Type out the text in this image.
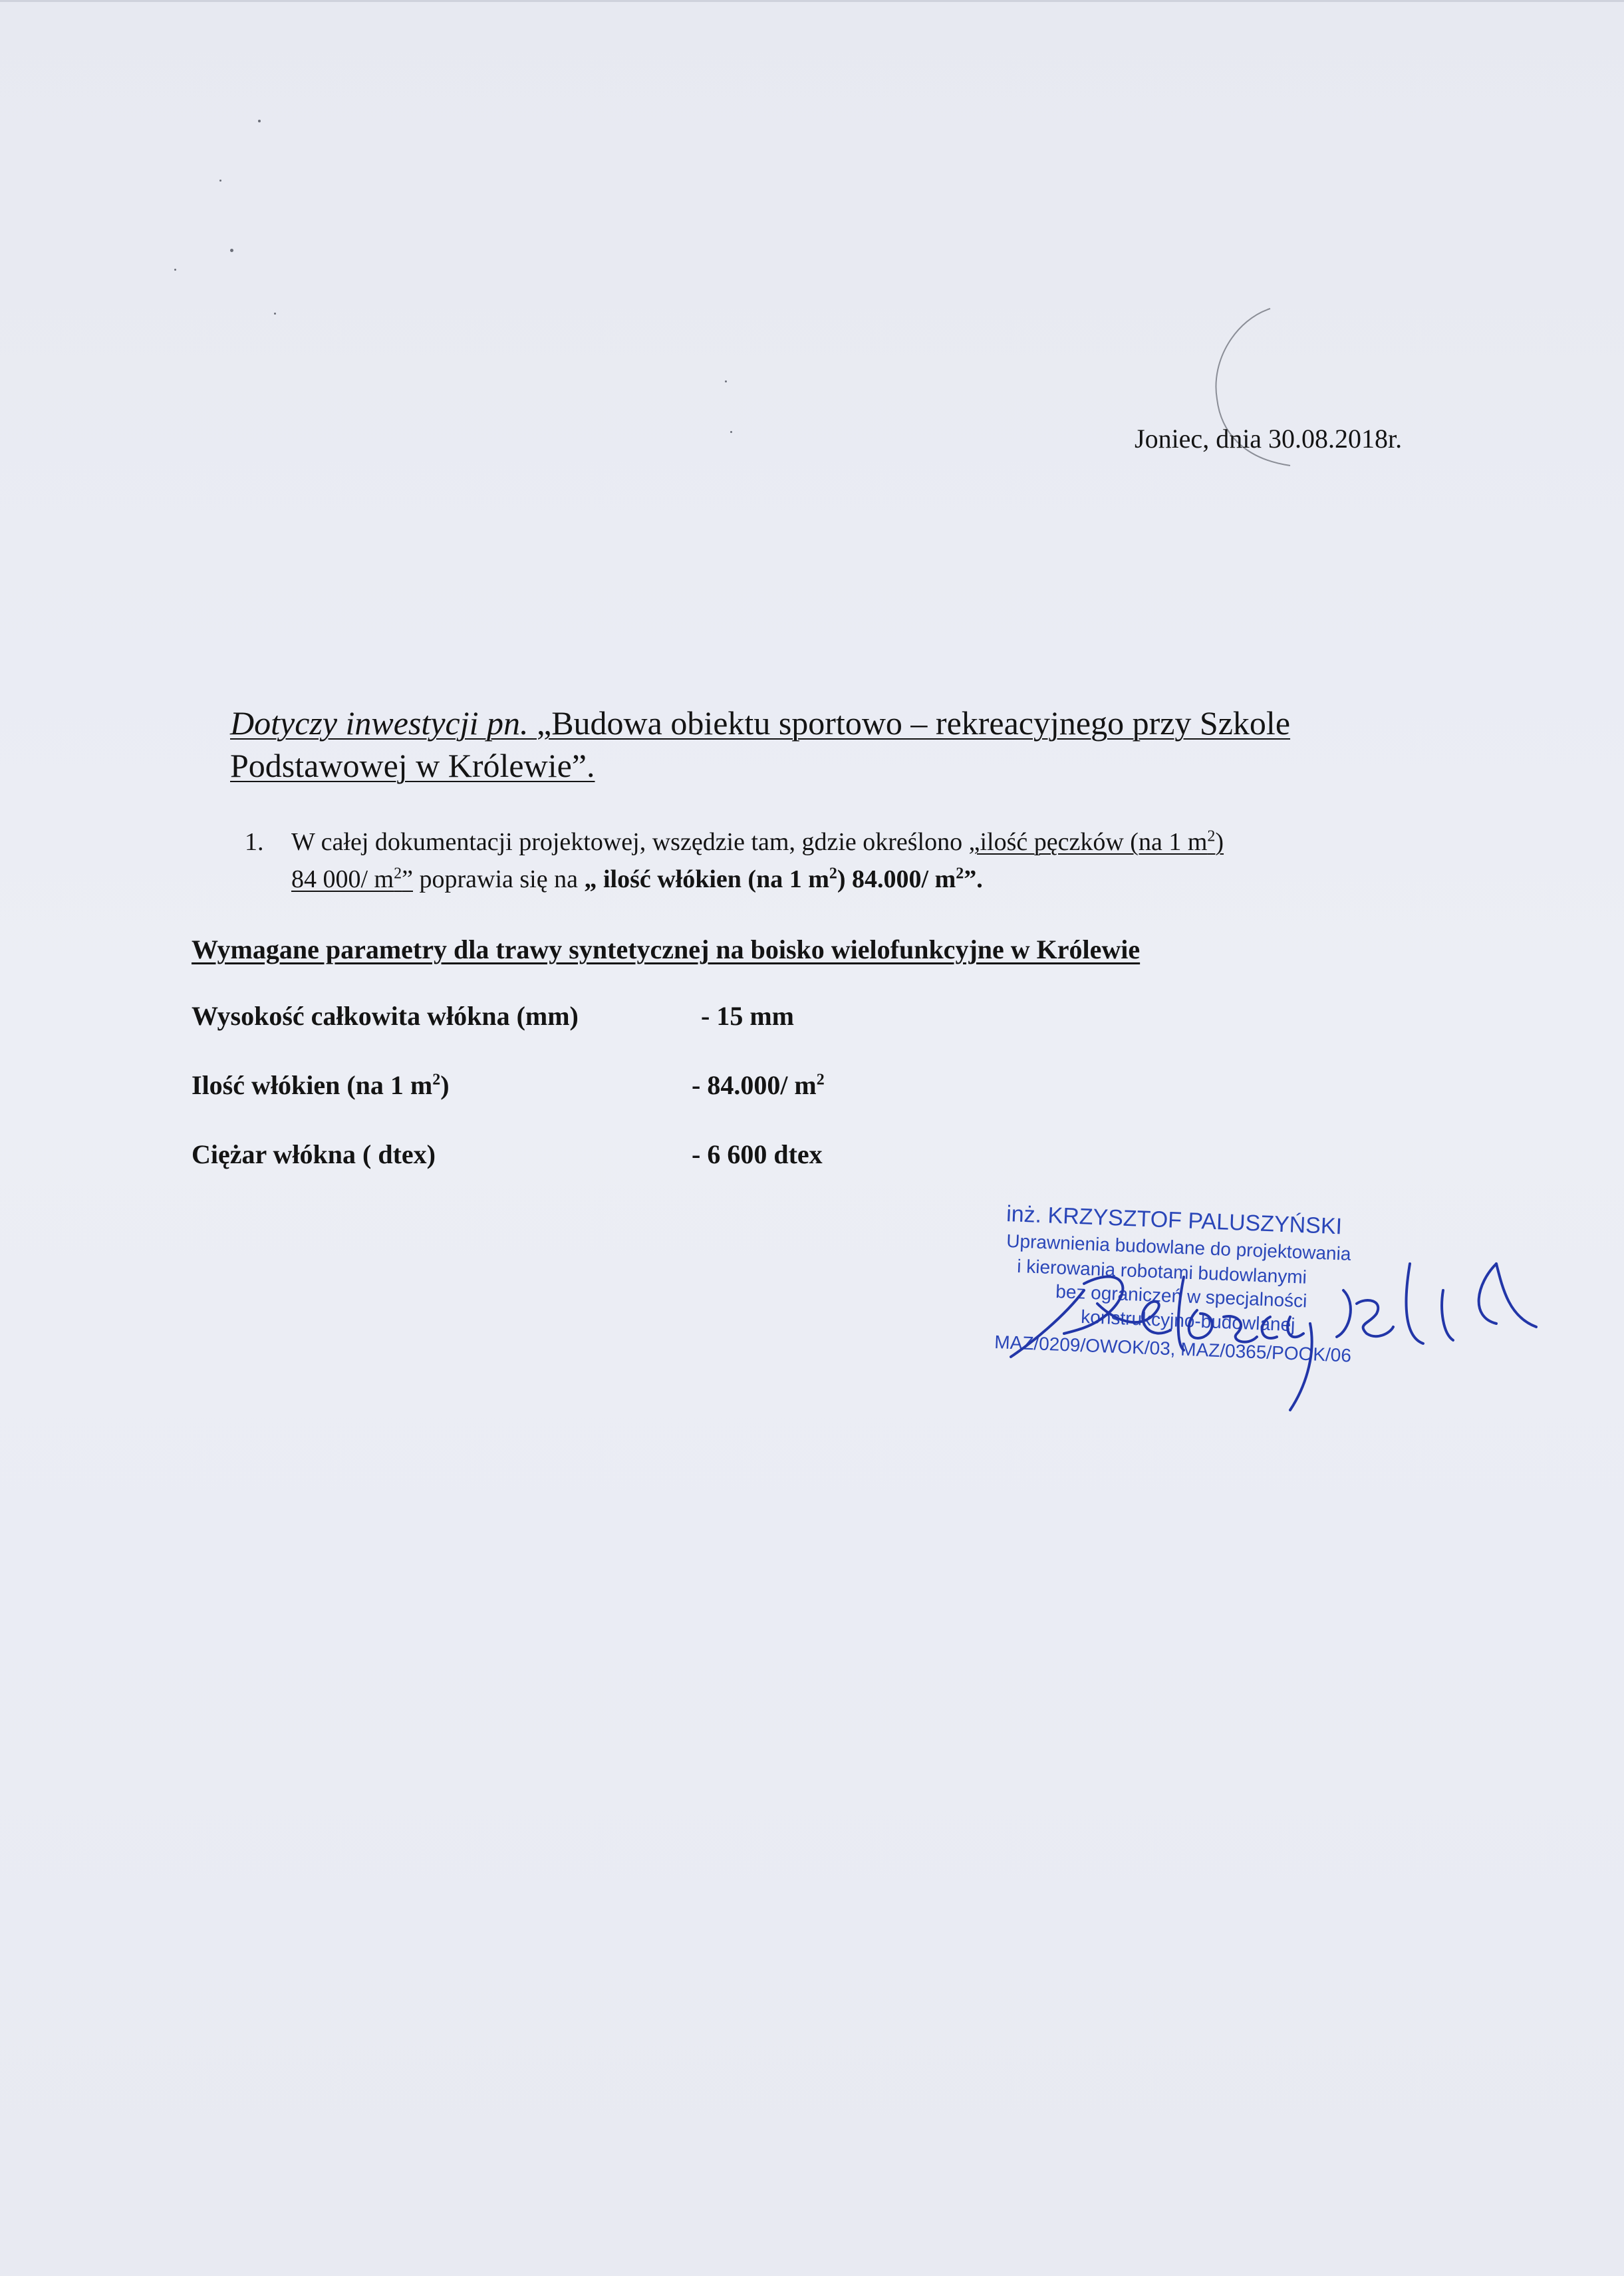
Joniec, dnia 30.08.2018r.
Dotyczy inwestycji pn. „Budowa obiektu sportowo – rekreacyjnego przy Szkole Podstawowej w Królewie”.
1. W całej dokumentacji projektowej, wszędzie tam, gdzie określono „ilość pęczków (na 1 $m^2$)
84 000/ $m^2$” poprawia się na „ ilość włókien (na 1 $m^2$) 84.000/ $m^2$”.
Wymagane parametry dla trawy syntetycznej na boisko wielofunkcyjne w Królewie
Wysokość całkowita włókna (mm)	- 15 mm
Ilość włókien (na 1 $m^2$)	- 84.000/ $m^2$
Ciężar włókna ( dtex)	- 6 600 dtex
inż. KRZYSZTOF PALUSZYŃSKI
Uprawnienia budowlane do projektowania
i kierowania robotami budowlanymi
bez ograniczeń w specjalności
konstrukcyjno-budowlanej
MAZ/0209/OWOK/03, MAZ/0365/POOK/06
